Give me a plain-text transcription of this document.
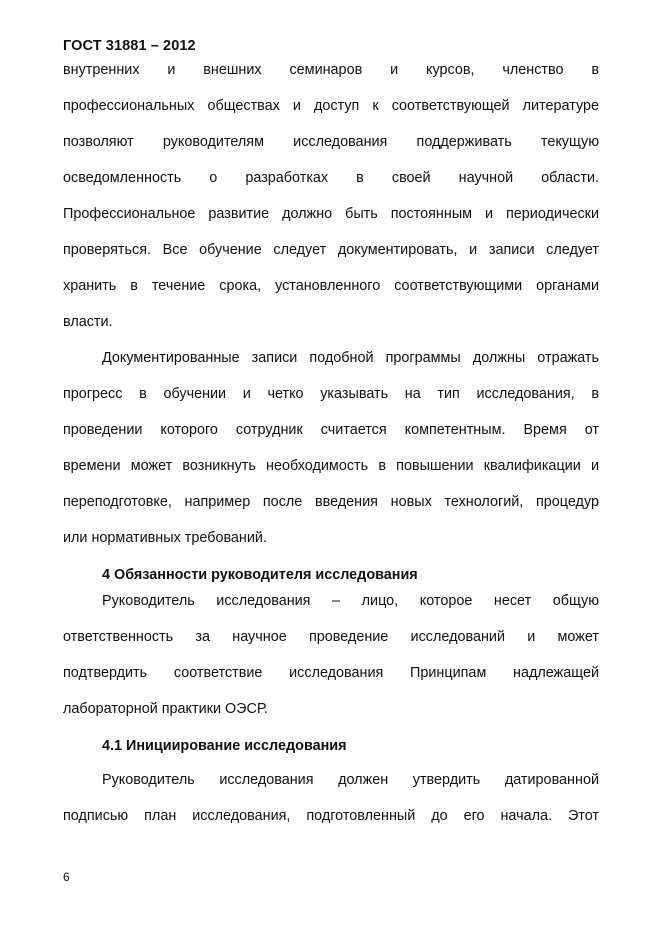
ГОСТ 31881 – 2012
внутренних и внешних семинаров и курсов, членство в
профессиональных обществах и доступ к соответствующей литературе
позволяют руководителям исследования поддерживать текущую
осведомленность о разработках в своей научной области.
Профессиональное развитие должно быть постоянным и периодически
проверяться. Все обучение следует документировать, и записи следует
хранить в течение срока, установленного соответствующими органами
власти.
Документированные записи подобной программы должны отражать
прогресс в обучении и четко указывать на тип исследования, в
проведении которого сотрудник считается компетентным. Время от
времени может возникнуть необходимость в повышении квалификации и
переподготовке, например после введения новых технологий, процедур
или нормативных требований.
4 Обязанности руководителя исследования
Руководитель исследования – лицо, которое несет общую
ответственность за научное проведение исследований и может
подтвердить соответствие исследования Принципам надлежащей
лабораторной практики ОЭСР.
4.1 Инициирование исследования
Руководитель исследования должен утвердить датированной
подписью план исследования, подготовленный до его начала. Этот
6
